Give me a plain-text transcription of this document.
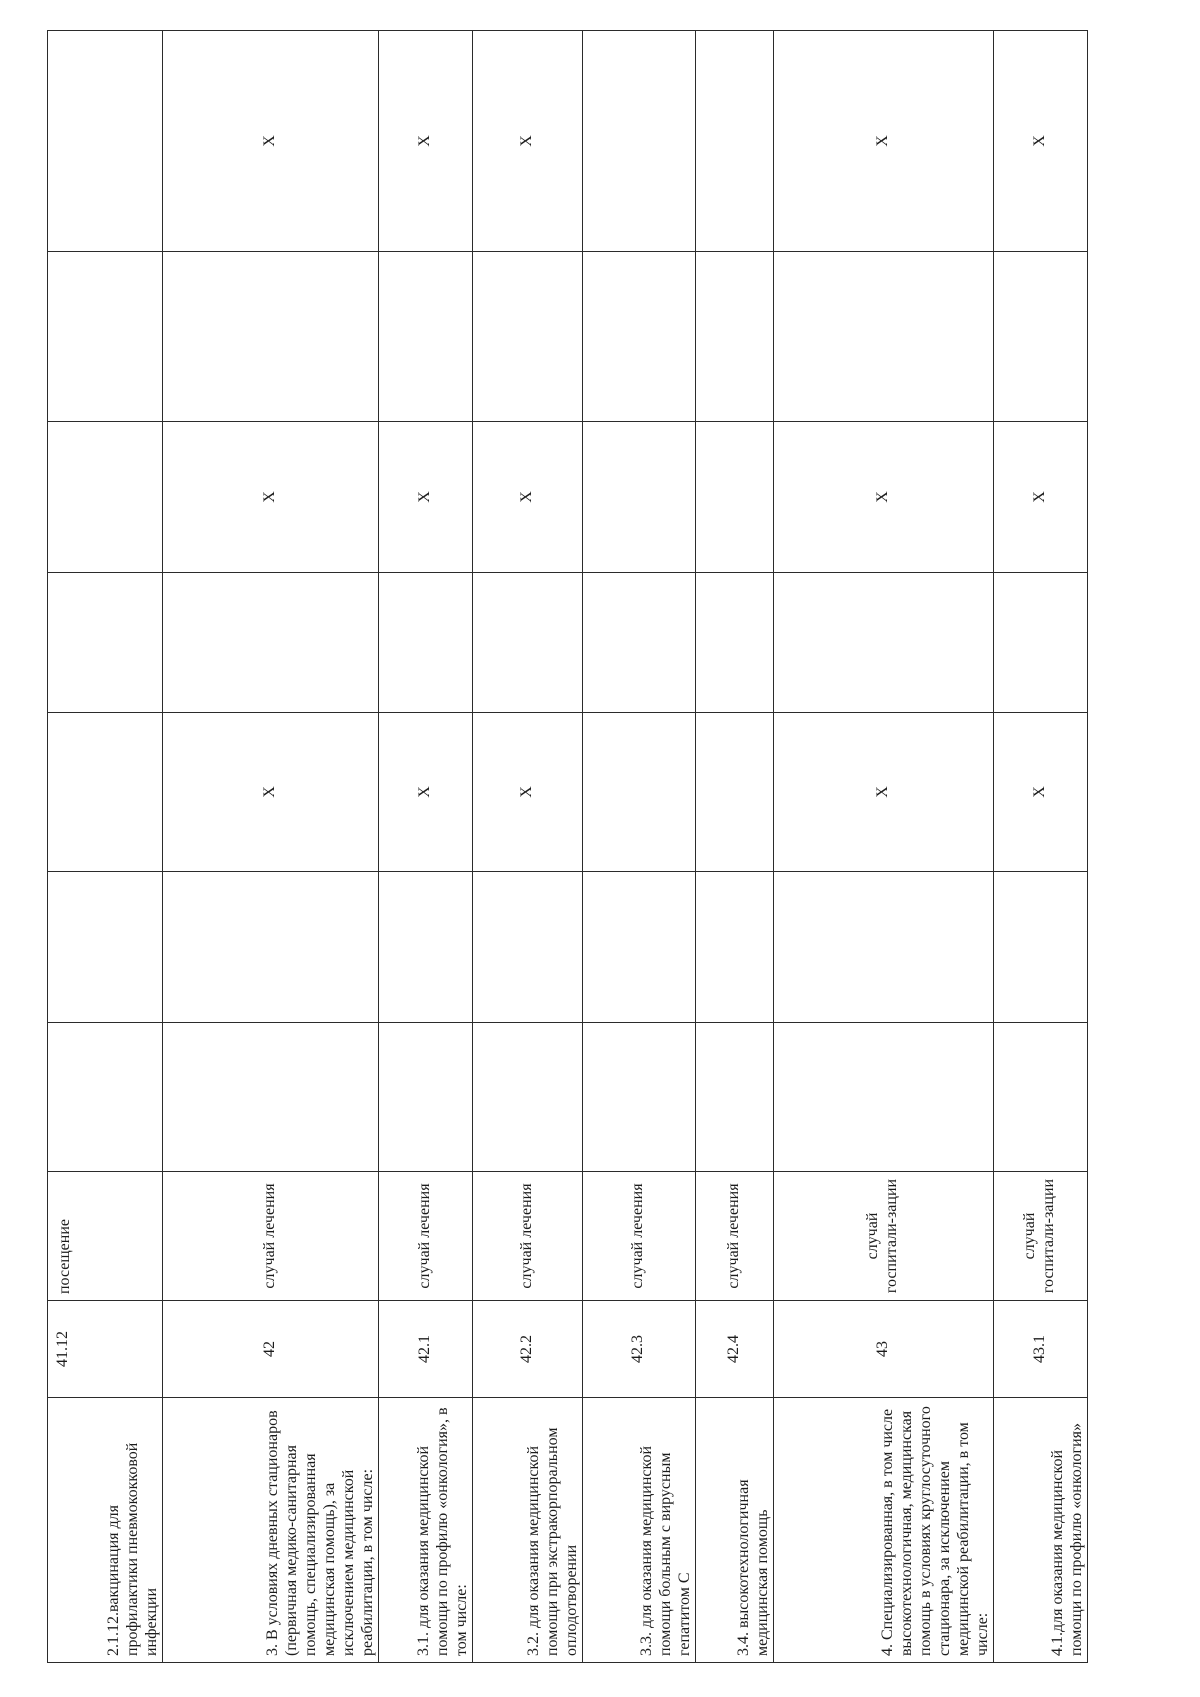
2.1.12.вакцинация для профилактики пневмококковой инфекции	41.12	посещение							
3. В условиях дневных стационаров (первичная медико-санитарная помощь, специализированная медицинская помощь), за исключением медицинской реабилитации, в том числе:	42	случай лечения			X		X		X
3.1. для оказания медицинской помощи по профилю «онкология», в том числе:	42.1	случай лечения			X		X		X
3.2. для оказания медицинской помощи при экстракорпоральном оплодотворении	42.2	случай лечения			X		X		X
3.3. для оказания медицинской помощи больным с вирусным гепатитом С	42.3	случай лечения							
3.4. высокотехнологичная медицинская помощь	42.4	случай лечения							
4. Специализированная, в том числе высокотехнологичная, медицинская помощь в условиях круглосуточного стационара, за исключением медицинской реабилитации, в том числе:	43	случай госпитали-зации			X		X		X
4.1.для оказания медицинской помощи по профилю «онкология»	43.1	случай госпитали-зации			X		X		X
